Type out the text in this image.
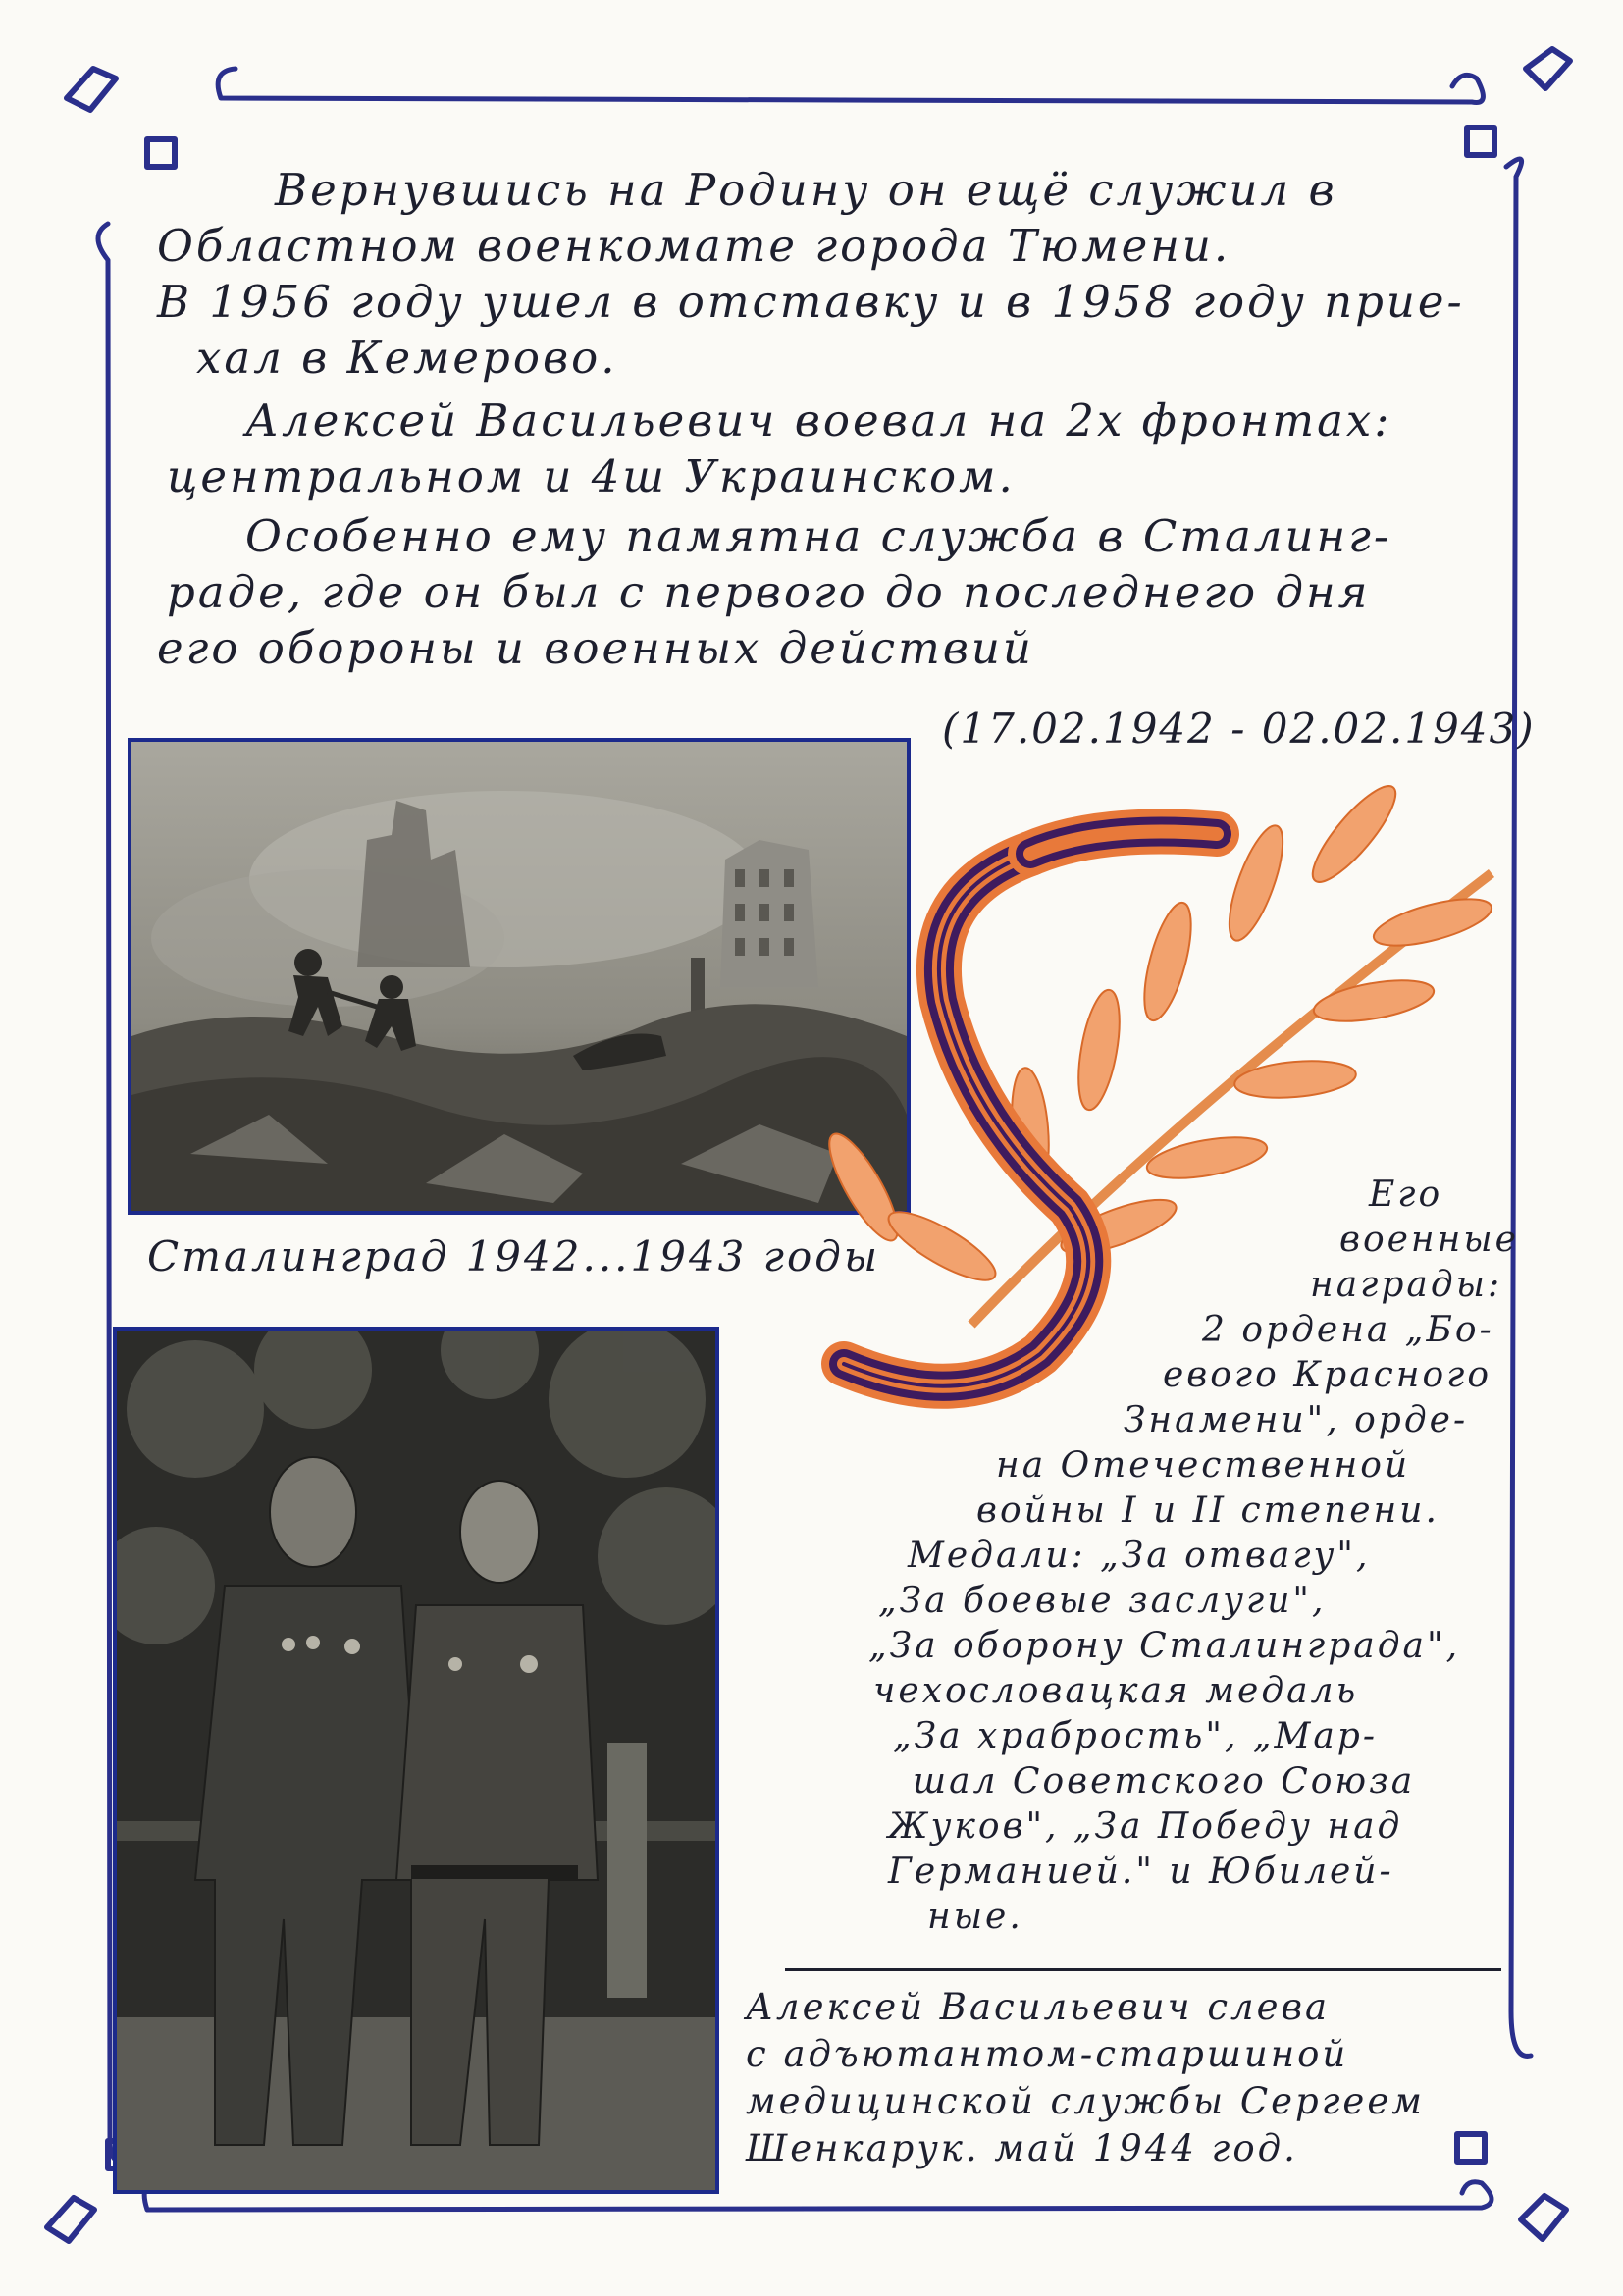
Вернувшись на Родину он ещё служил в
Областном военкомате города Тюмени.
В 1956 году ушел в отставку и в 1958 году прие-
хал в Кемерово.
Алексей Васильевич воевал на 2х фронтах:
центральном и 4ш Украинском.
Особенно ему памятна служба в Сталинг-
раде, где он был с первого до последнего дня
его обороны и военных действий
(17.02.1942 - 02.02.1943)
Сталинград 1942...1943 годы
Его
военные
награды:
2 ордена „Бо-
евого Красного
Знамени", орде-
на Отечественной
войны I и II степени.
Медали: „За отвагу",
„За боевые заслуги",
„За оборону Сталинграда",
чехословацкая медаль
„За храбрость", „Мар-
шал Советского Союза
Жуков", „За Победу над
Германией." и Юбилей-
ные.
Алексей Васильевич слева
с адъютантом-старшиной
медицинской службы Сергеем
Шенкарук. май 1944 год.
